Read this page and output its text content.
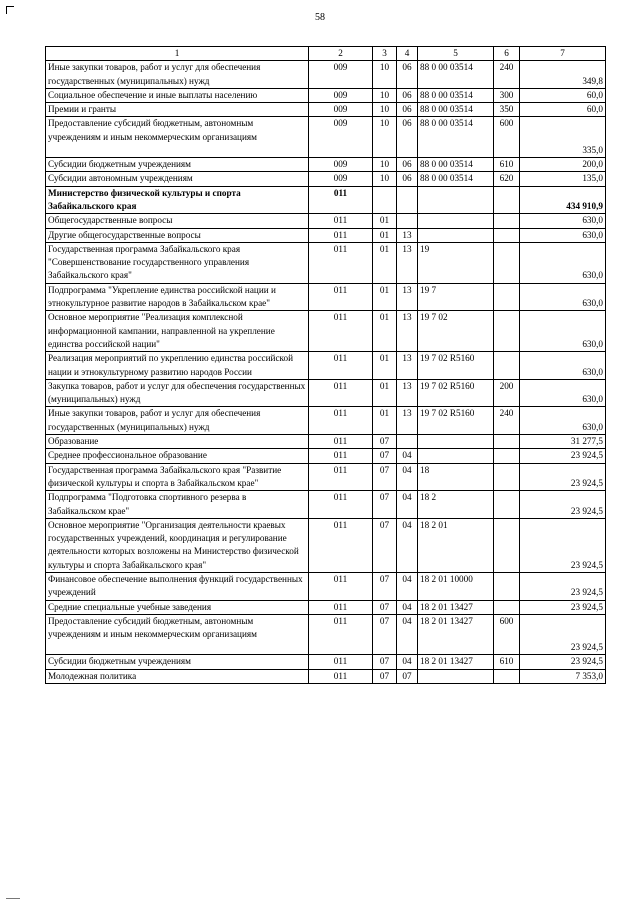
58
1	2	3	4	5	6	7
Иные закупки товаров, работ и услуг для обеспечения государственных (муниципальных) нужд	009	10	06	88 0 00 03514	240	349,8
Социальное обеспечение и иные выплаты населению	009	10	06	88 0 00 03514	300	60,0
Премии и гранты	009	10	06	88 0 00 03514	350	60,0
Предоставление субсидий бюджетным, автономным учреждениям и иным некоммерческим организациям	009	10	06	88 0 00 03514	600	335,0
Субсидии бюджетным учреждениям	009	10	06	88 0 00 03514	610	200,0
Субсидии автономным учреждениям	009	10	06	88 0 00 03514	620	135,0
Министерство физической культуры и спорта Забайкальского края	011					434 910,9
Общегосударственные вопросы	011	01				630,0
Другие общегосударственные вопросы	011	01	13			630,0
Государственная программа Забайкальского края "Совершенствование государственного управления Забайкальского края"	011	01	13	19		630,0
Подпрограмма "Укрепление единства российской нации и этнокультурное развитие народов в Забайкальском крае"	011	01	13	19 7		630,0
Основное мероприятие "Реализация комплексной информационной кампании, направленной на укрепление единства российской нации"	011	01	13	19 7 02		630,0
Реализация мероприятий по укреплению единства российской нации и этнокультурному развитию народов России	011	01	13	19 7 02 R5160		630,0
Закупка товаров, работ и услуг для обеспечения государственных (муниципальных) нужд	011	01	13	19 7 02 R5160	200	630,0
Иные закупки товаров, работ и услуг для обеспечения государственных (муниципальных) нужд	011	01	13	19 7 02 R5160	240	630,0
Образование	011	07				31 277,5
Среднее профессиональное образование	011	07	04			23 924,5
Государственная программа Забайкальского края "Развитие физической культуры и спорта в Забайкальском крае"	011	07	04	18		23 924,5
Подпрограмма "Подготовка спортивного резерва в Забайкальском крае"	011	07	04	18 2		23 924,5
Основное мероприятие "Организация деятельности краевых государственных учреждений, координация и регулирование деятельности которых возложены на Министерство физической культуры и спорта Забайкальского края"	011	07	04	18 2 01		23 924,5
Финансовое обеспечение выполнения функций государственных учреждений	011	07	04	18 2 01 10000		23 924,5
Средние специальные учебные заведения	011	07	04	18 2 01 13427		23 924,5
Предоставление субсидий бюджетным, автономным учреждениям и иным некоммерческим организациям	011	07	04	18 2 01 13427	600	23 924,5
Субсидии бюджетным учреждениям	011	07	04	18 2 01 13427	610	23 924,5
Молодежная политика	011	07	07			7 353,0
